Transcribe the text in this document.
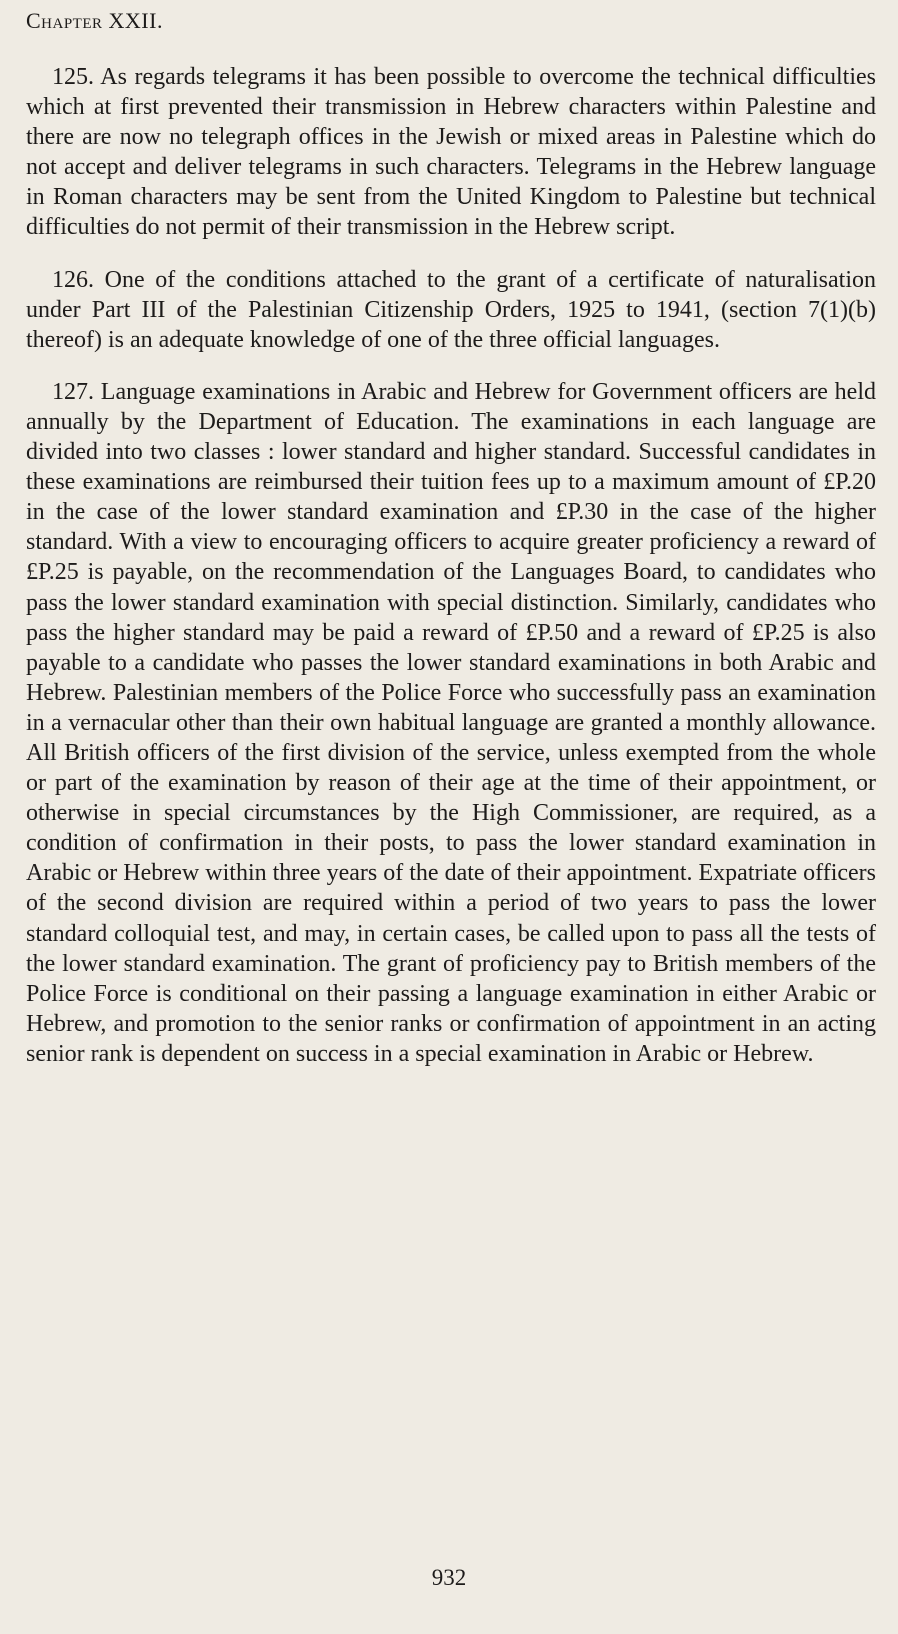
Chapter XXII.

125. As regards telegrams it has been possible to overcome the technical difficulties which at first prevented their transmission in Hebrew characters within Palestine and there are now no telegraph offices in the Jewish or mixed areas in Palestine which do not accept and deliver telegrams in such characters. Telegrams in the Hebrew language in Roman characters may be sent from the United Kingdom to Palestine but technical difficulties do not permit of their transmission in the Hebrew script.

126. One of the conditions attached to the grant of a certificate of naturalisation under Part III of the Palestinian Citizenship Orders, 1925 to 1941, (section 7(1)(b) thereof) is an adequate knowledge of one of the three official languages.

127. Language examinations in Arabic and Hebrew for Government officers are held annually by the Department of Education. The examinations in each language are divided into two classes : lower standard and higher standard. Successful candidates in these examinations are reimbursed their tuition fees up to a maximum amount of £P.20 in the case of the lower standard examination and £P.30 in the case of the higher standard. With a view to encouraging officers to acquire greater proficiency a reward of £P.25 is payable, on the recommendation of the Languages Board, to candidates who pass the lower standard examination with special distinction. Similarly, candidates who pass the higher standard may be paid a reward of £P.50 and a reward of £P.25 is also payable to a candidate who passes the lower standard examinations in both Arabic and Hebrew. Palestinian members of the Police Force who successfully pass an examination in a vernacular other than their own habitual language are granted a monthly allowance. All British officers of the first division of the service, unless exempted from the whole or part of the examination by reason of their age at the time of their appointment, or otherwise in special circumstances by the High Commissioner, are required, as a condition of confirmation in their posts, to pass the lower standard examination in Arabic or Hebrew within three years of the date of their appointment. Expatriate officers of the second division are required within a period of two years to pass the lower standard colloquial test, and may, in certain cases, be called upon to pass all the tests of the lower standard examination. The grant of proficiency pay to British members of the Police Force is conditional on their passing a language examination in either Arabic or Hebrew, and promotion to the senior ranks or confirmation of appointment in an acting senior rank is dependent on success in a special examination in Arabic or Hebrew.

932
